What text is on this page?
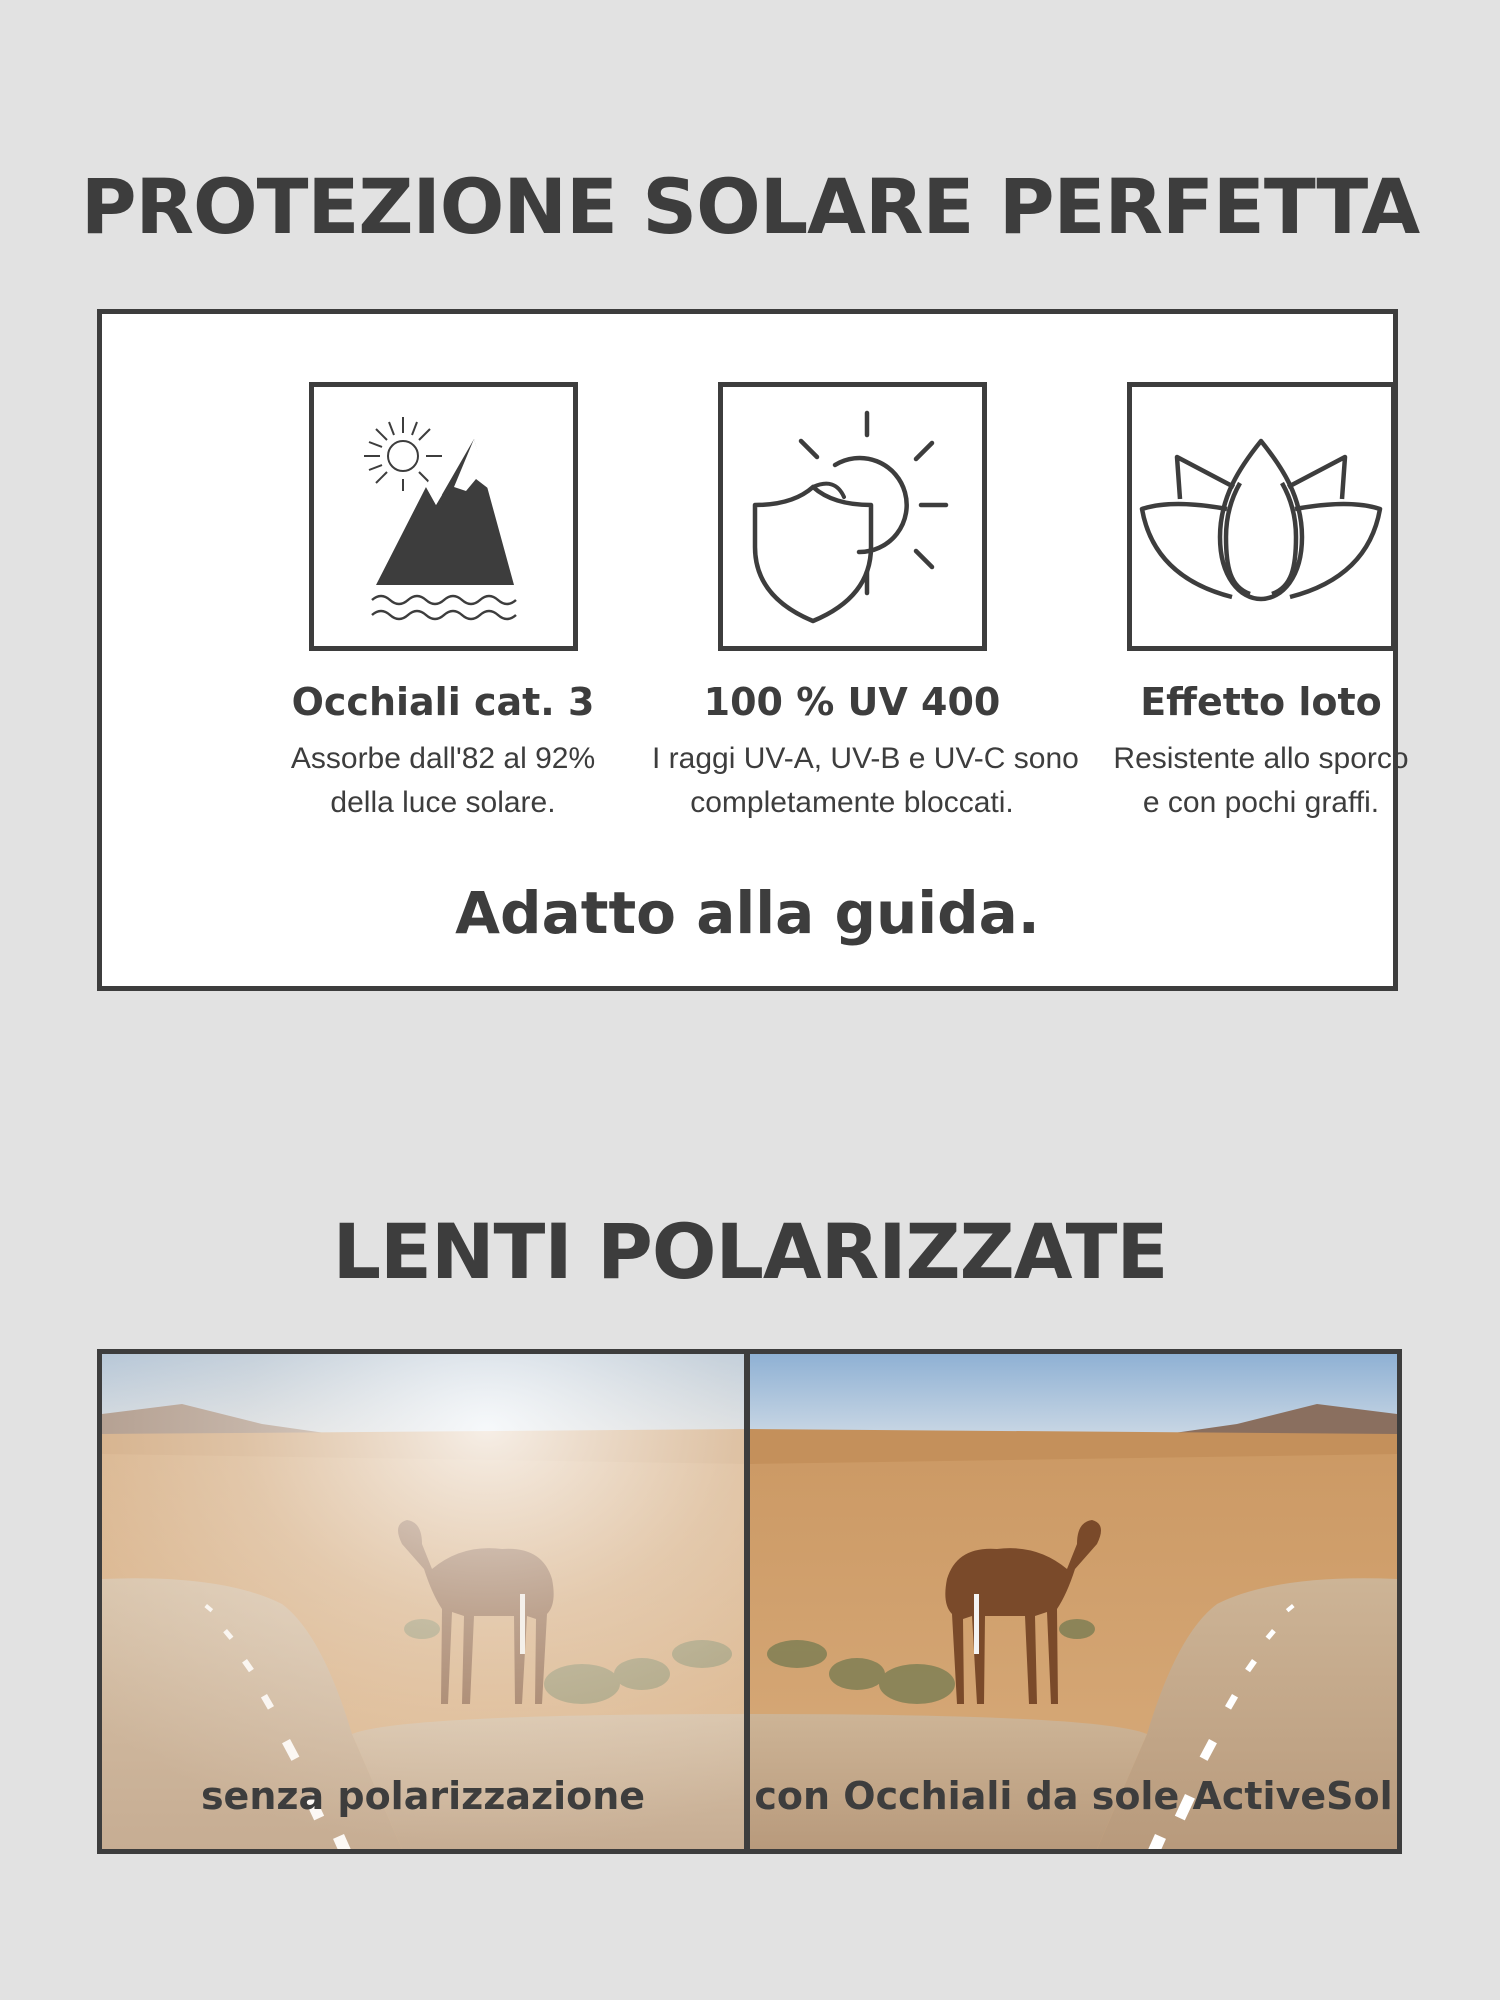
PROTEZIONE SOLARE PERFETTA
Occhiali cat. 3
Assorbe dall'82 al 92%
della luce solare.
100 % UV 400
I raggi UV-A, UV-B e UV-C sono
completamente bloccati.
Effetto loto
Resistente allo sporco
e con pochi graffi.
Adatto alla guida.
LENTI POLARIZZATE
senza polarizzazione	con Occhiali da sole ActiveSol
